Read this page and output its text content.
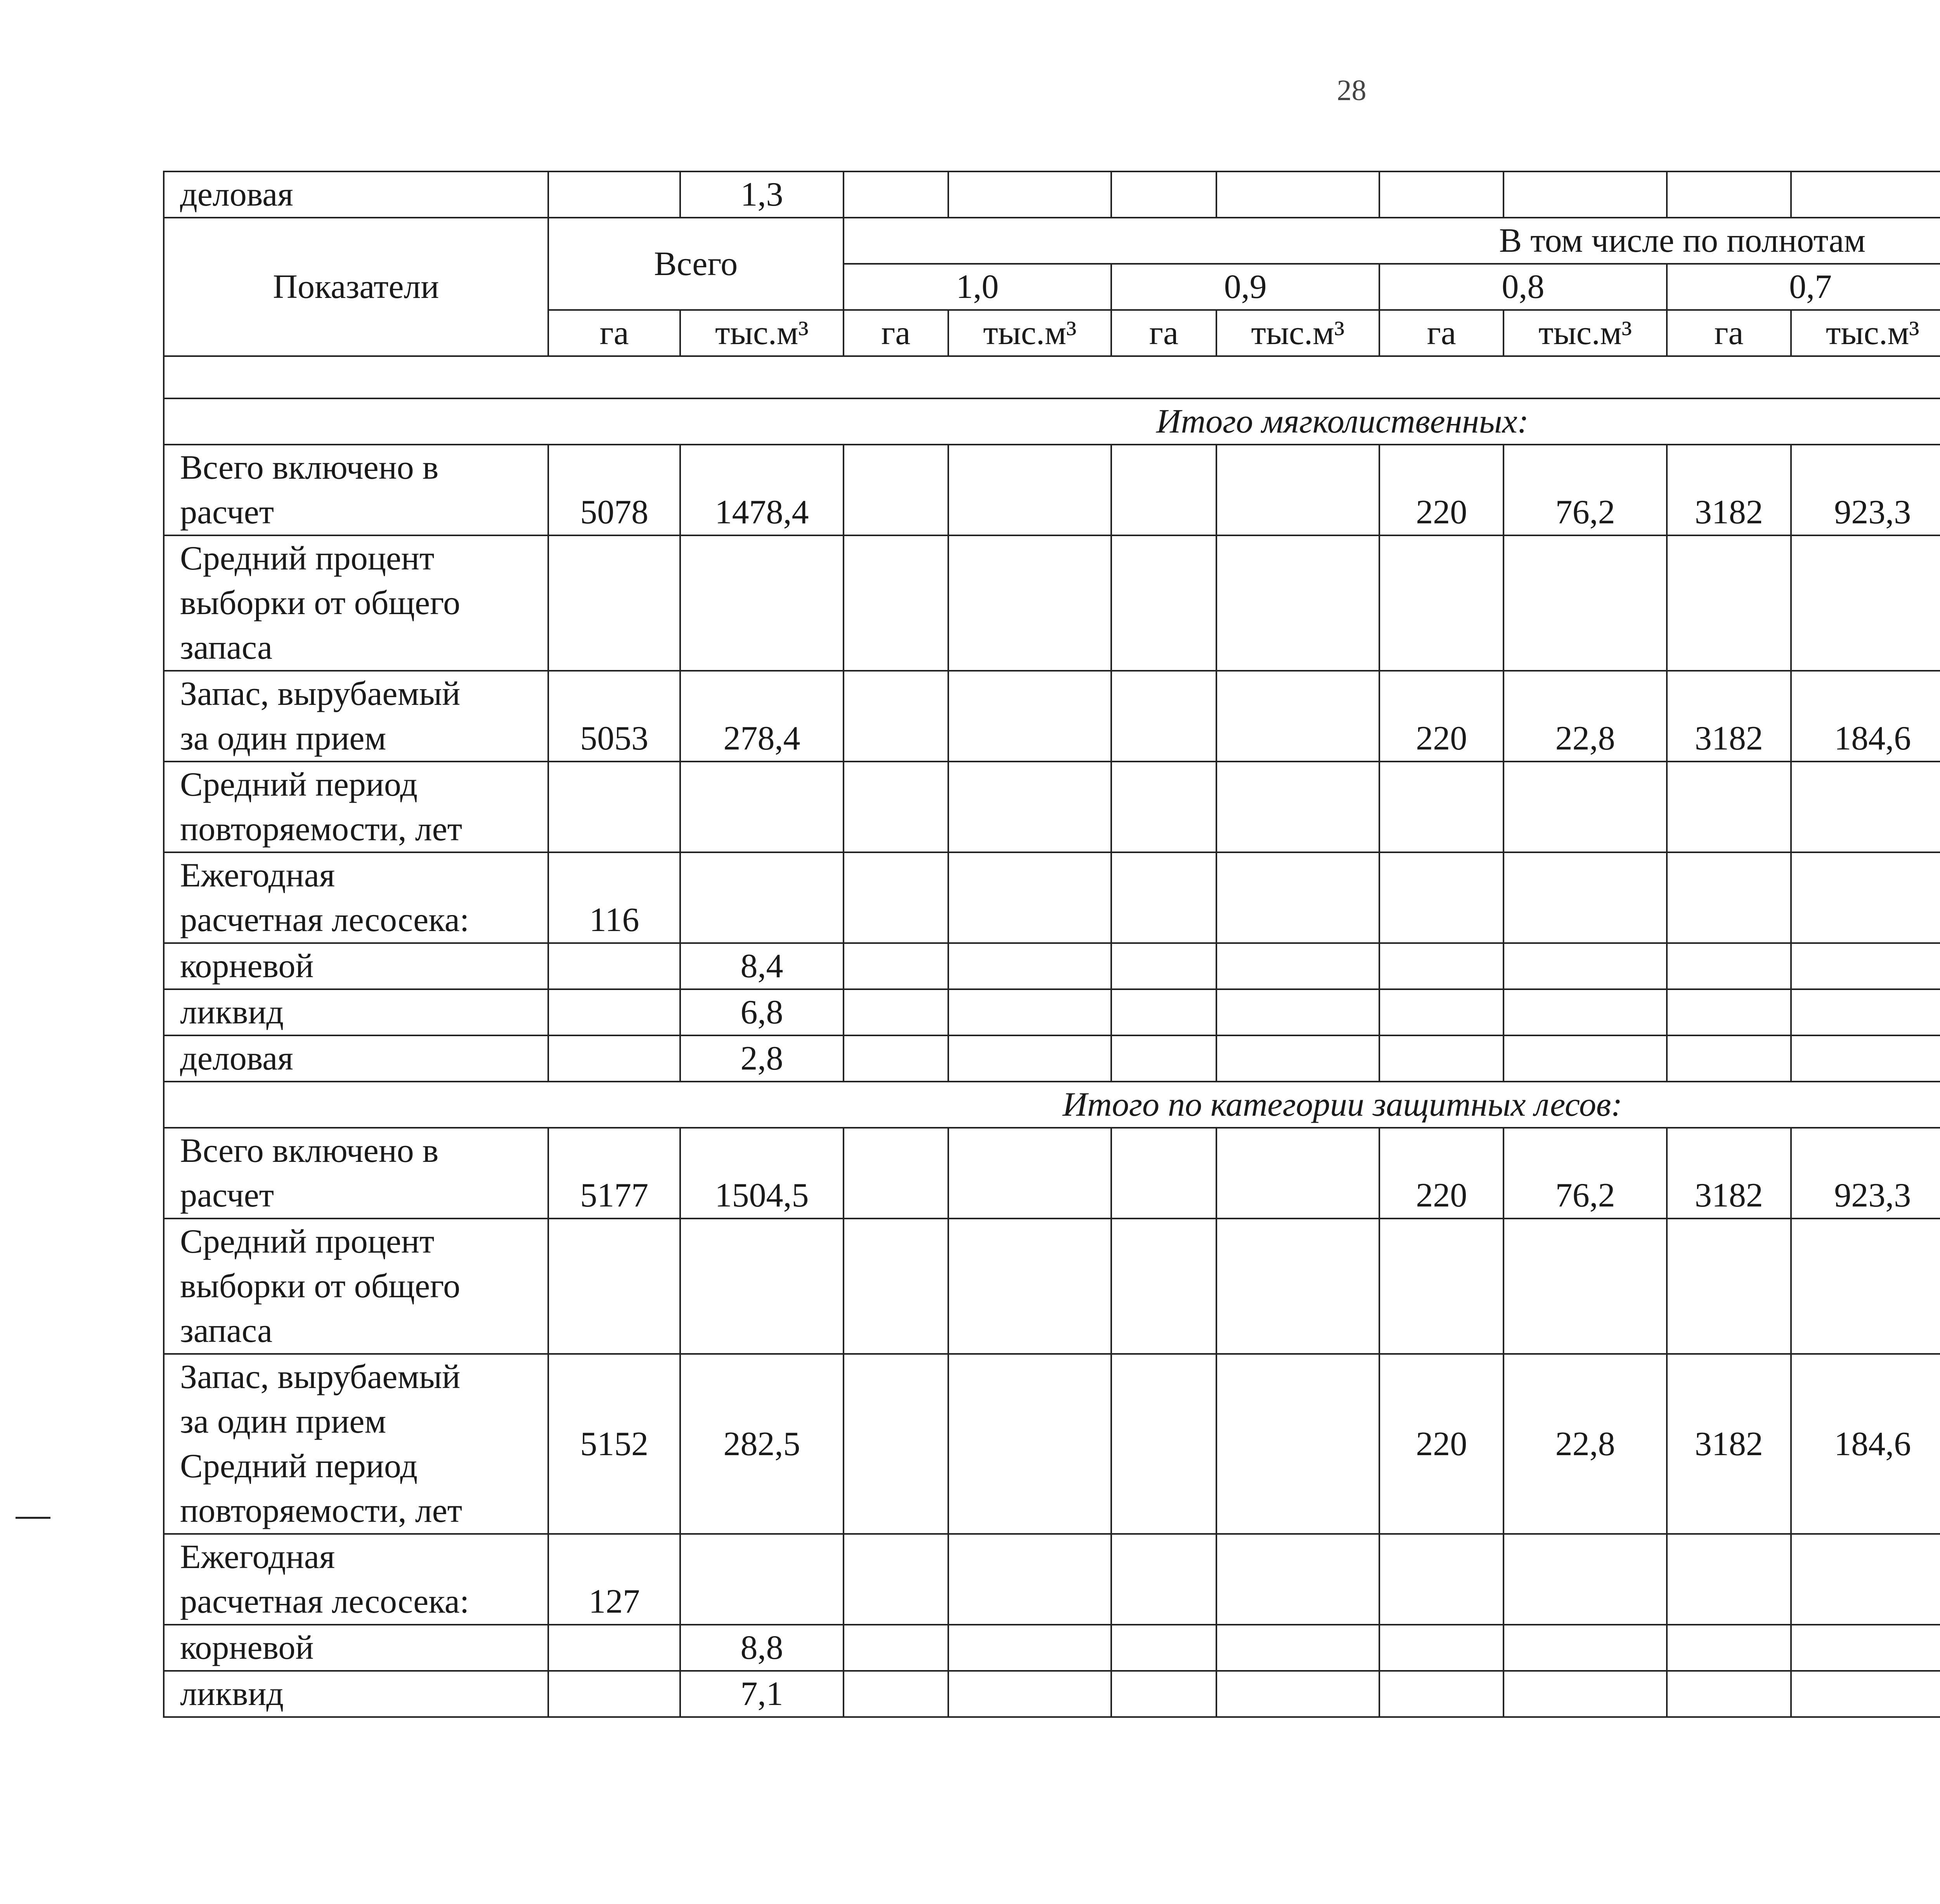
28
деловая		1,3												
Показатели	Всего		В том числе по полнотам											
			1,0		0,9		0,8		0,7		
	га	тыс.м³	га	тыс.м³	га	тыс.м³	га	тыс.м³	га	тыс.м³				

Итого мягколиственных:														
Всего включено в
расчет	5078	1478,4					220	76,2	3182	923,3				
Средний процент
выборки от общего
запаса														
Запас, вырубаемый
за один прием	5053	278,4					220	22,8	3182	184,6				
Средний период
повторяемости, лет														
Ежегодная
расчетная лесосека:	116													
корневой		8,4												
ликвид		6,8												
деловая		2,8												
Итого по категории защитных лесов:														
Всего включено в
расчет	5177	1504,5					220	76,2	3182	923,3				
Средний процент
выборки от общего
запаса														
Запас, вырубаемый
за один прием
Средний период
повторяемости, лет	5152	282,5					220	22,8	3182	184,6				
Ежегодная
расчетная лесосека:	127													
корневой		8,8												
ликвид		7,1												
